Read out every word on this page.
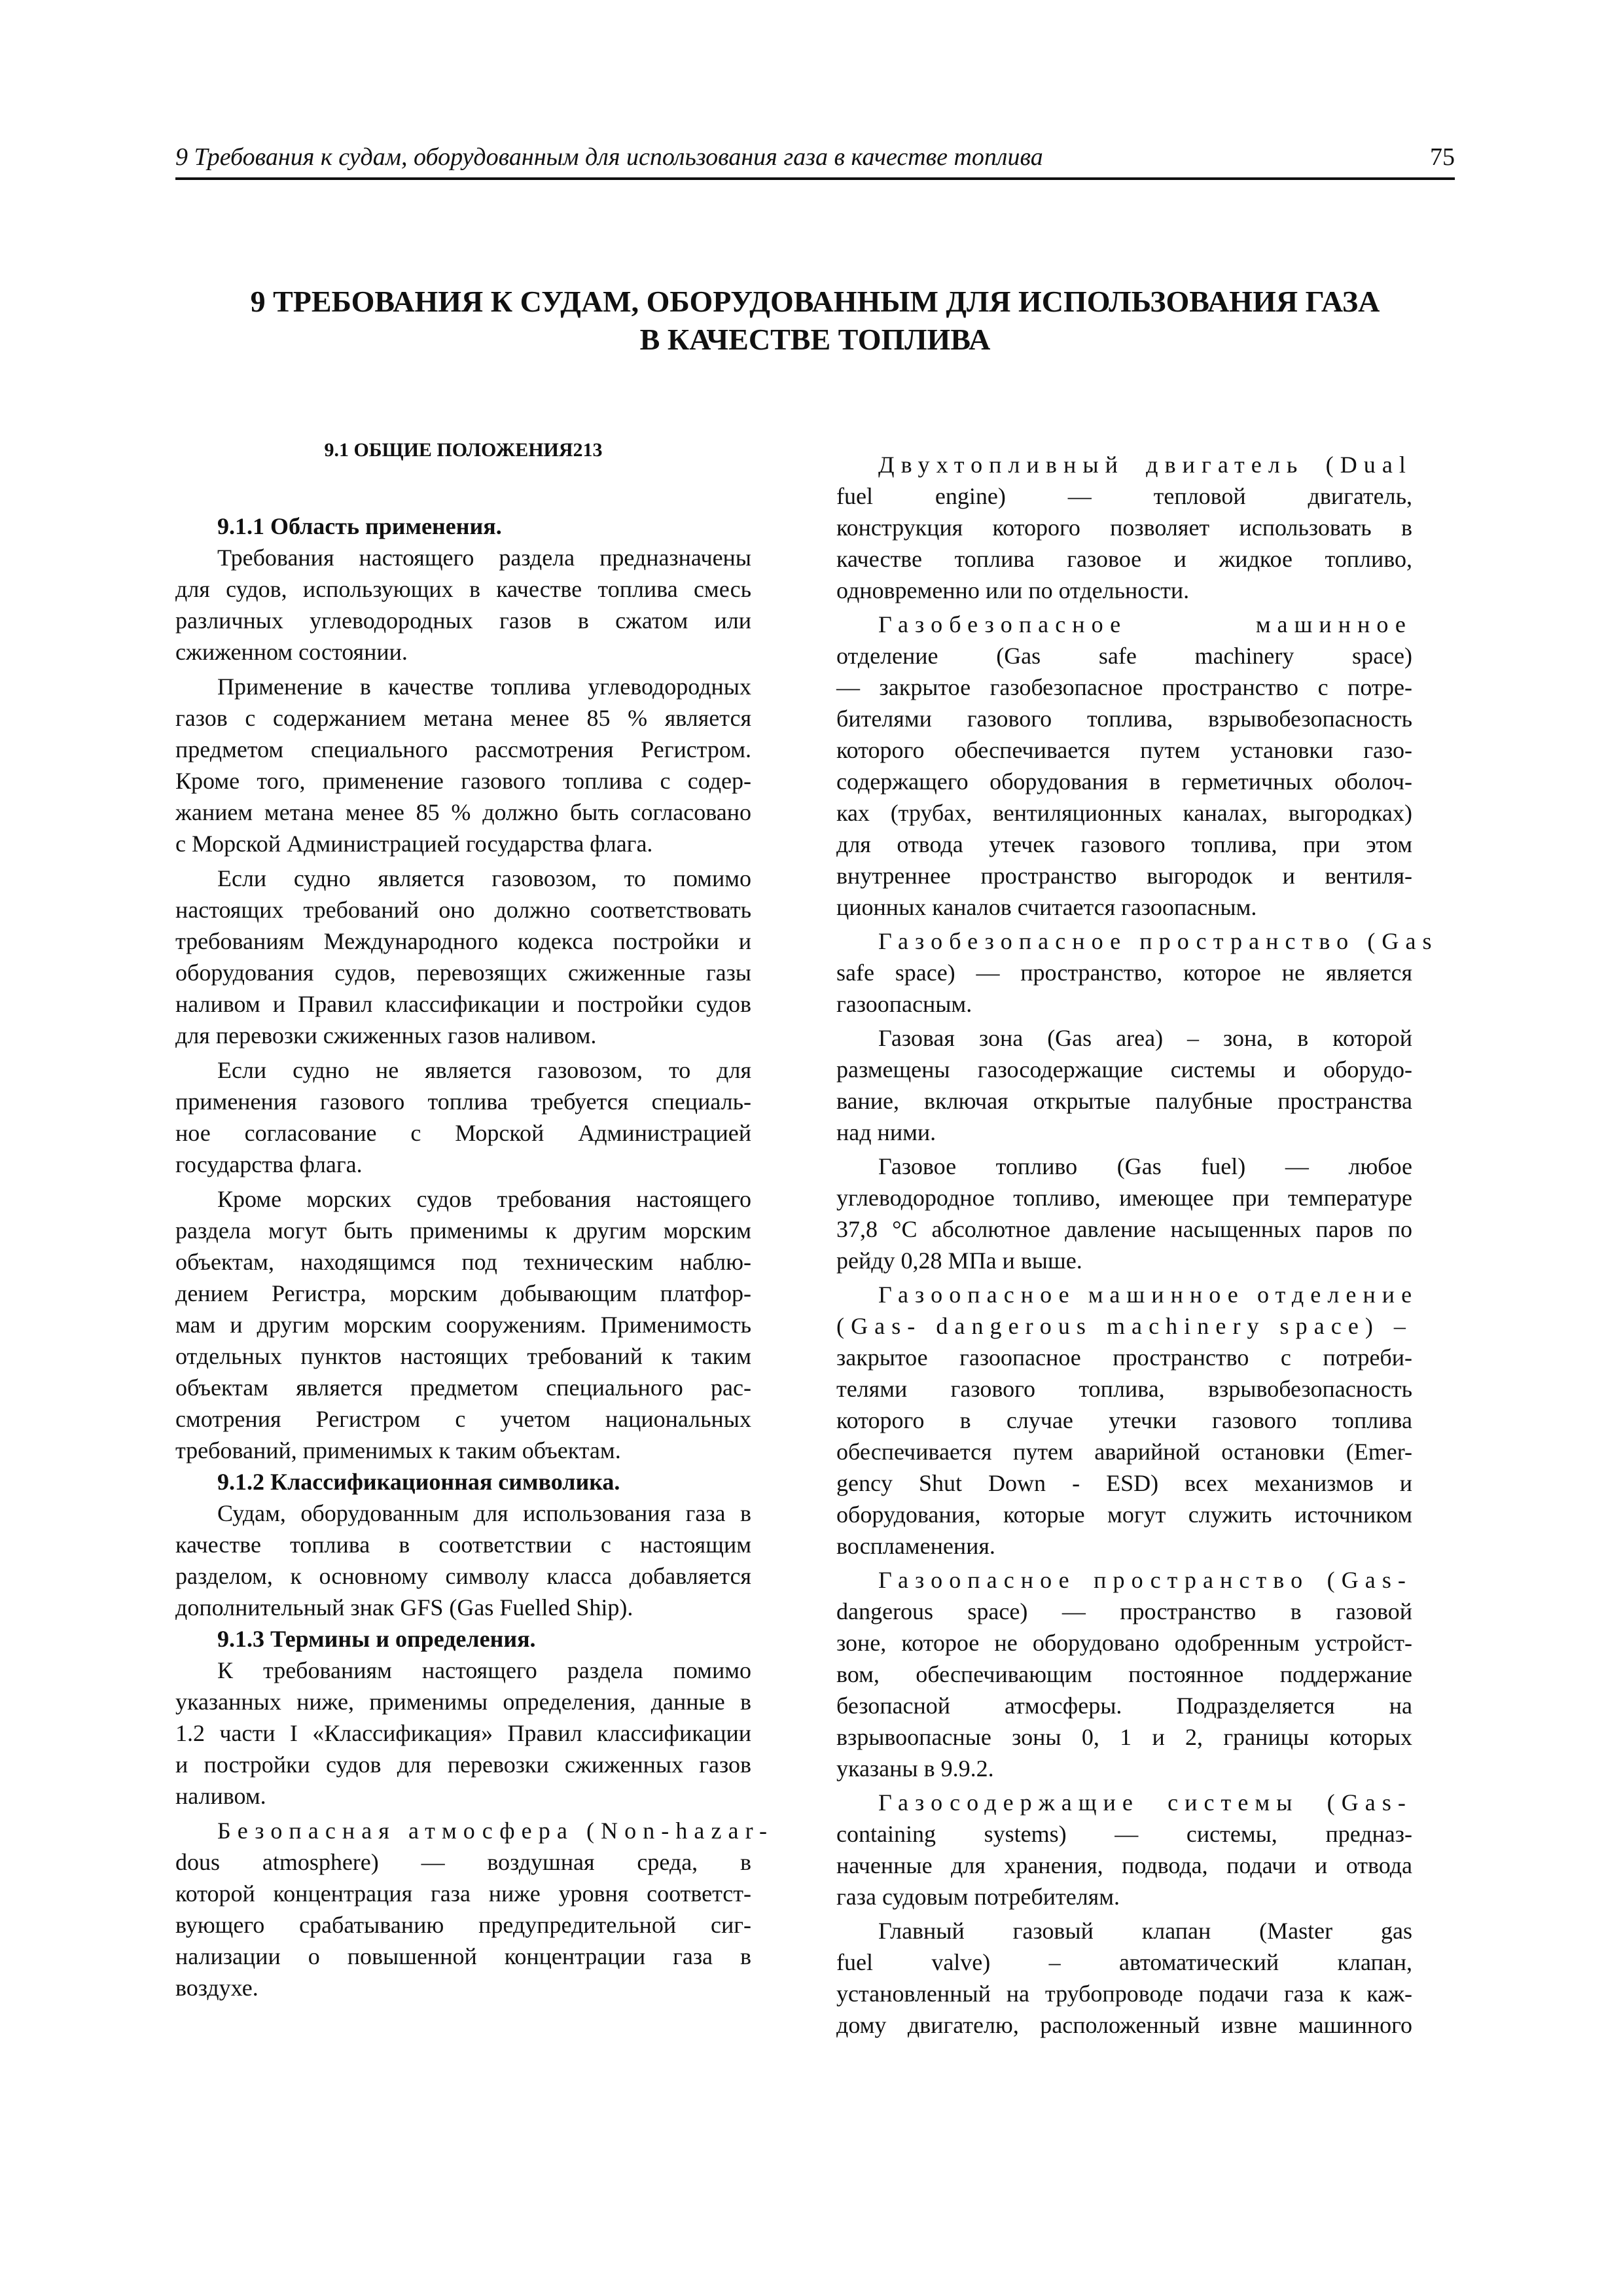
9 Требования к судам, оборудованным для использования газа в качестве топлива	75
9 ТРЕБОВАНИЯ К СУДАМ, ОБОРУДОВАННЫМ ДЛЯ ИСПОЛЬЗОВАНИЯ ГАЗА
В КАЧЕСТВЕ ТОПЛИВА
9.1 ОБЩИЕ ПОЛОЖЕНИЯ213
9.1.1 Область применения.
Требования настоящего раздела предназначены
для судов, использующих в качестве топлива смесь
различных углеводородных газов в сжатом или
сжиженном состоянии.
Применение в качестве топлива углеводородных
газов с содержанием метана менее 85 % является
предметом специального рассмотрения Регистром.
Кроме того, применение газового топлива с содер-
жанием метана менее 85 % должно быть согласовано
с Морской Администрацией государства флага.
Если судно является газовозом, то помимо
настоящих требований оно должно соответствовать
требованиям Международного кодекса постройки и
оборудования судов, перевозящих сжиженные газы
наливом и Правил классификации и постройки судов
для перевозки сжиженных газов наливом.
Если судно не является газовозом, то для
применения газового топлива требуется специаль-
ное согласование с Морской Администрацией
государства флага.
Кроме морских судов требования настоящего
раздела могут быть применимы к другим морским
объектам, находящимся под техническим наблю-
дением Регистра, морским добывающим платфор-
мам и другим морским сооружениям. Применимость
отдельных пунктов настоящих требований к таким
объектам является предметом специального рас-
смотрения Регистром с учетом национальных
требований, применимых к таким объектам.
9.1.2 Классификационная символика.
Судам, оборудованным для использования газа в
качестве топлива в соответствии с настоящим
разделом, к основному символу класса добавляется
дополнительный знак GFS (Gas Fuelled Ship).
9.1.3 Термины и определения.
К требованиям настоящего раздела помимо
указанных ниже, применимы определения, данные в
1.2 части I «Классификация» Правил классификации
и постройки судов для перевозки сжиженных газов
наливом.
Безопасная атмосфера (Non-hazar-
dous atmosphere) — воздушная среда, в
которой концентрация газа ниже уровня соответст-
вующего срабатыванию предупредительной сиг-
нализации о повышенной концентрации газа в
воздухе.
Двухтопливный двигатель (Dual
fuel engine) — тепловой двигатель,
конструкция которого позволяет использовать в
качестве топлива газовое и жидкое топливо,
одновременно или по отдельности.
Газобезопасное машинное
отделение (Gas safe machinery space)
— закрытое газобезопасное пространство с потре-
бителями газового топлива, взрывобезопасность
которого обеспечивается путем установки газо-
содержащего оборудования в герметичных оболоч-
ках (трубах, вентиляционных каналах, выгородках)
для отвода утечек газового топлива, при этом
внутреннее пространство выгородок и вентиля-
ционных каналов считается газоопасным.
Газобезопасное пространство (Gas
safe space) — пространство, которое не является
газоопасным.
Газовая зона (Gas area) – зона, в которой
размещены газосодержащие системы и оборудо-
вание, включая открытые палубные пространства
над ними.
Газовое топливо (Gas fuel) — любое
углеводородное топливо, имеющее при температуре
37,8 °С абсолютное давление насыщенных паров по
рейду 0,28 МПа и выше.
Газоопасное машинное отделение
(Gas- dangerous machinery space) –
закрытое газоопасное пространство с потреби-
телями газового топлива, взрывобезопасность
которого в случае утечки газового топлива
обеспечивается путем аварийной остановки (Emer-
gency Shut Down - ESD) всех механизмов и
оборудования, которые могут служить источником
воспламенения.
Газоопасное пространство (Gas-
dangerous space) — пространство в газовой
зоне, которое не оборудовано одобренным устройст-
вом, обеспечивающим постоянное поддержание
безопасной атмосферы. Подразделяется на
взрывоопасные зоны 0, 1 и 2, границы которых
указаны в 9.9.2.
Газосодержащие системы (Gas-
containing systems) — системы, предназ-
наченные для хранения, подвода, подачи и отвода
газа судовым потребителям.
Главный газовый клапан (Master gas
fuel valve) – автоматический клапан,
установленный на трубопроводе подачи газа к каж-
дому двигателю, расположенный извне машинного
